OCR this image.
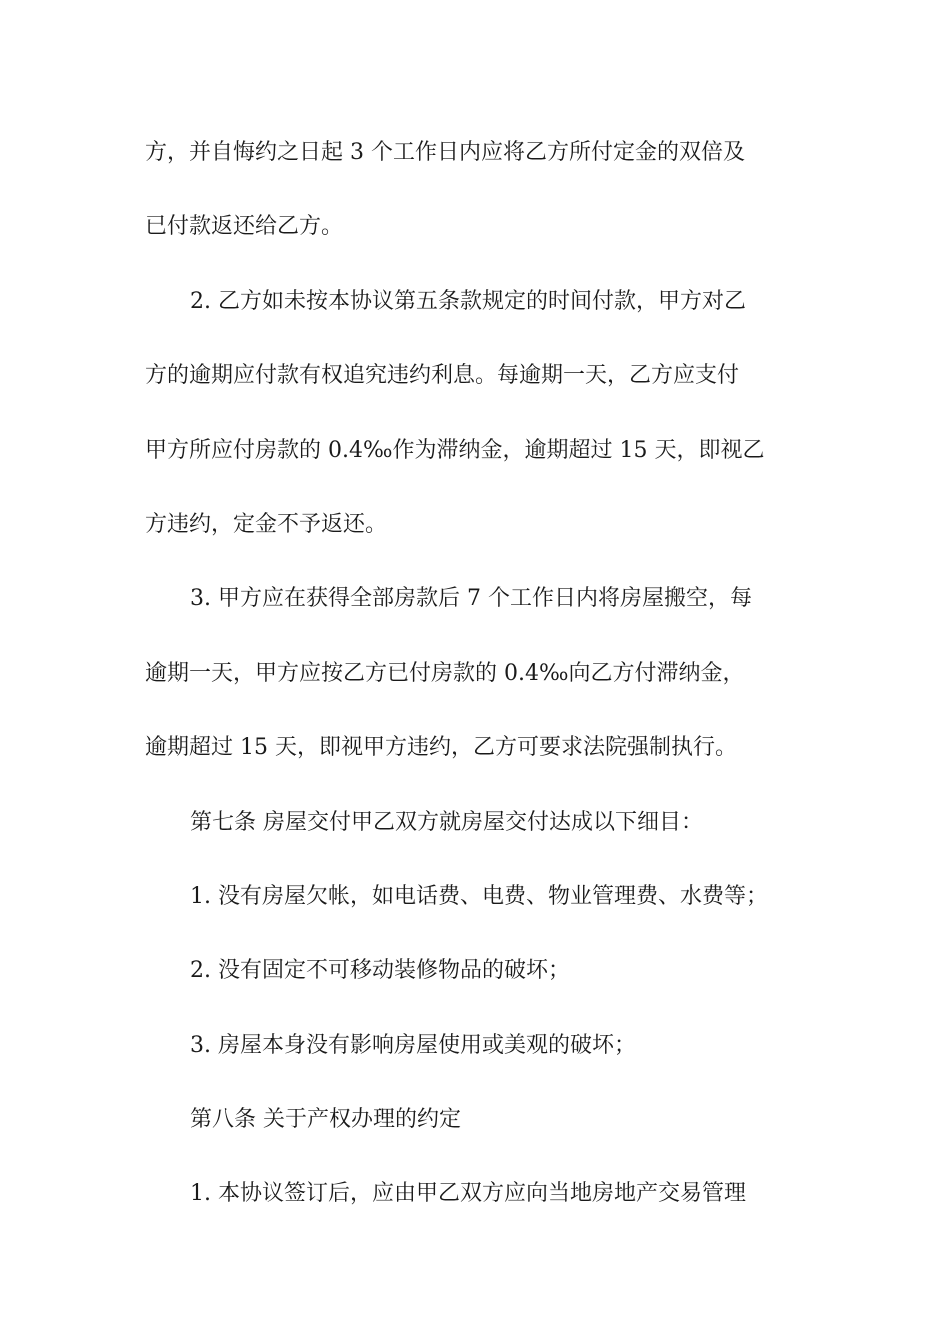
方，并自悔约之日起 3 个工作日内应将乙方所付定金的双倍及
已付款返还给乙方。
2. 乙方如未按本协议第五条款规定的时间付款，甲方对乙
方的逾期应付款有权追究违约利息。每逾期一天，乙方应支付
甲方所应付房款的 0.4‰作为滞纳金，逾期超过 15 天，即视乙
方违约，定金不予返还。
3. 甲方应在获得全部房款后 7 个工作日内将房屋搬空，每
逾期一天，甲方应按乙方已付房款的 0.4‰向乙方付滞纳金，
逾期超过 15 天，即视甲方违约，乙方可要求法院强制执行。
第七条 房屋交付甲乙双方就房屋交付达成以下细目：
1. 没有房屋欠帐，如电话费、电费、物业管理费、水费等；
2. 没有固定不可移动装修物品的破坏；
3. 房屋本身没有影响房屋使用或美观的破坏；
第八条 关于产权办理的约定
1. 本协议签订后，应由甲乙双方应向当地房地产交易管理
